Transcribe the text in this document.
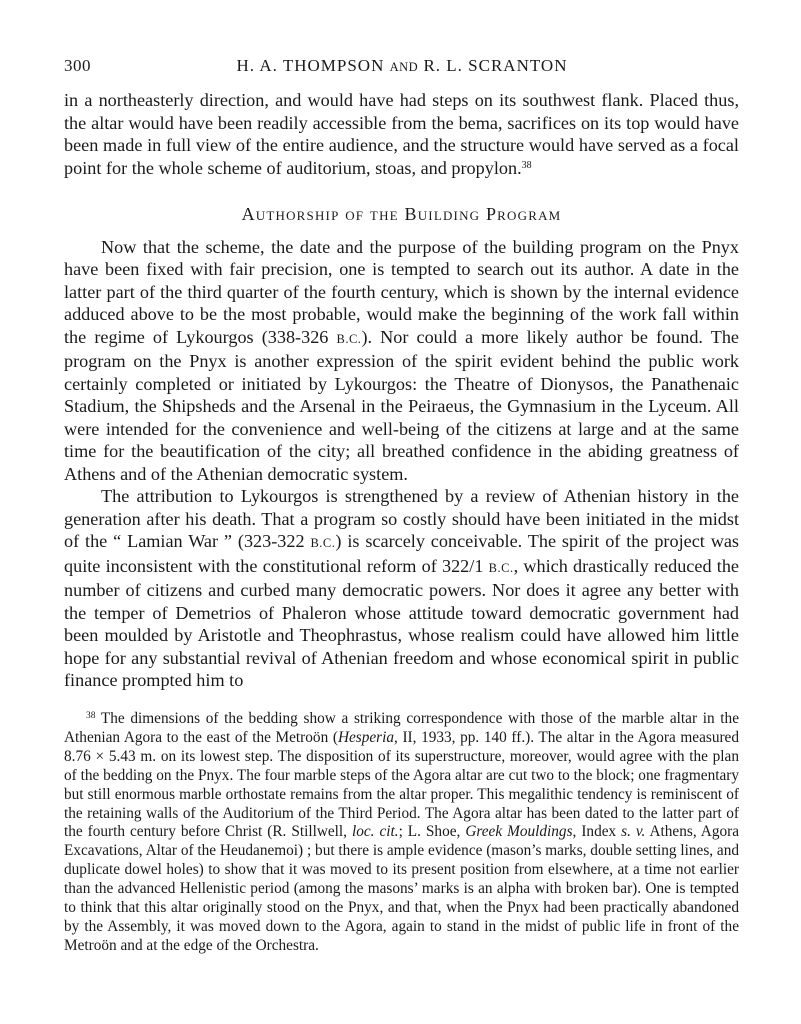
300	H. A. THOMPSON AND R. L. SCRANTON

in a northeasterly direction, and would have had steps on its southwest flank. Placed thus, the altar would have been readily accessible from the bema, sacrifices on its top would have been made in full view of the entire audience, and the structure would have served as a focal point for the whole scheme of auditorium, stoas, and propylon.$^{38}$

Authorship of the Building Program

Now that the scheme, the date and the purpose of the building program on the Pnyx have been fixed with fair precision, one is tempted to search out its author. A date in the latter part of the third quarter of the fourth century, which is shown by the internal evidence adduced above to be the most probable, would make the beginning of the work fall within the regime of Lykourgos (338-326 B.C.). Nor could a more likely author be found. The program on the Pnyx is another expression of the spirit evident behind the public work certainly completed or initiated by Lykourgos: the Theatre of Dionysos, the Panathenaic Stadium, the Shipsheds and the Arsenal in the Peiraeus, the Gymnasium in the Lyceum. All were intended for the convenience and well-being of the citizens at large and at the same time for the beautification of the city; all breathed confidence in the abiding greatness of Athens and of the Athenian democratic system.

The attribution to Lykourgos is strengthened by a review of Athenian history in the generation after his death. That a program so costly should have been initiated in the midst of the “ Lamian War ” (323-322 B.C.) is scarcely conceivable. The spirit of the project was quite inconsistent with the constitutional reform of 322/1 B.C., which drastically reduced the number of citizens and curbed many democratic powers. Nor does it agree any better with the temper of Demetrios of Phaleron whose attitude toward democratic government had been moulded by Aristotle and Theophrastus, whose realism could have allowed him little hope for any substantial revival of Athenian freedom and whose economical spirit in public finance prompted him to

$^{38}$ The dimensions of the bedding show a striking correspondence with those of the marble altar in the Athenian Agora to the east of the Metroön (Hesperia, II, 1933, pp. 140 ff.). The altar in the Agora measured 8.76 × 5.43 m. on its lowest step. The disposition of its superstructure, moreover, would agree with the plan of the bedding on the Pnyx. The four marble steps of the Agora altar are cut two to the block; one fragmentary but still enormous marble orthostate remains from the altar proper. This megalithic tendency is reminiscent of the retaining walls of the Auditorium of the Third Period. The Agora altar has been dated to the latter part of the fourth century before Christ (R. Stillwell, loc. cit.; L. Shoe, Greek Mouldings, Index s. v. Athens, Agora Excavations, Altar of the Heudanemoi) ; but there is ample evidence (mason’s marks, double setting lines, and duplicate dowel holes) to show that it was moved to its present position from elsewhere, at a time not earlier than the advanced Hellenistic period (among the masons’ marks is an alpha with broken bar). One is tempted to think that this altar originally stood on the Pnyx, and that, when the Pnyx had been practically abandoned by the Assembly, it was moved down to the Agora, again to stand in the midst of public life in front of the Metroön and at the edge of the Orchestra.
